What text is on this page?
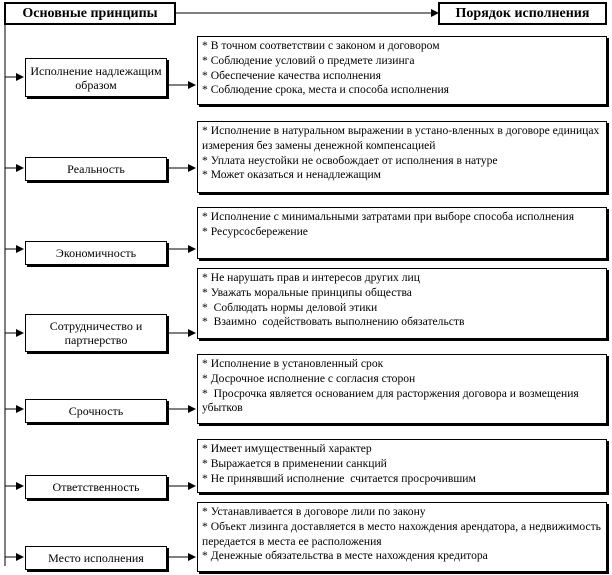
Основные принципы	Порядок исполнения
Исполнение надлежащим образом
Реальность
Экономичность
Сотрудничество и партнерство
Срочность
Ответственность
Место исполнения
* В точном соответствии с законом и договором
* Соблюдение условий о предмете лизинга
* Обеспечение качества исполнения
* Соблюдение срока, места и способа исполнения
* Исполнение в натуральном выражении в устано-вленных в договоре единицах  измерения без замены денежной компенсацией
* Уплата неустойки не освобождает от исполнения в натуре
* Может оказаться и ненадлежащим
* Исполнение с минимальными затратами при выборе способа исполнения
* Ресурсосбережение
* Не нарушать прав и интересов других лиц
* Уважать моральные принципы общества
*  Соблюдать нормы деловой этики
*  Взаимно  содействовать выполнению обязательств
* Исполнение в установленный срок
* Досрочное исполнение с согласия сторон
*  Просрочка является основанием для расторжения договора и возмещения убытков
* Имеет имущественный характер
* Выражается в применении санкций
* Не принявший исполнение  считается просрочившим
* Устанавливается в договоре лили по закону
* Объект лизинга доставляется в место нахождения арендатора, а недвижимость передается в места ее расположения
* Денежные обязательства в месте нахождения кредитора
